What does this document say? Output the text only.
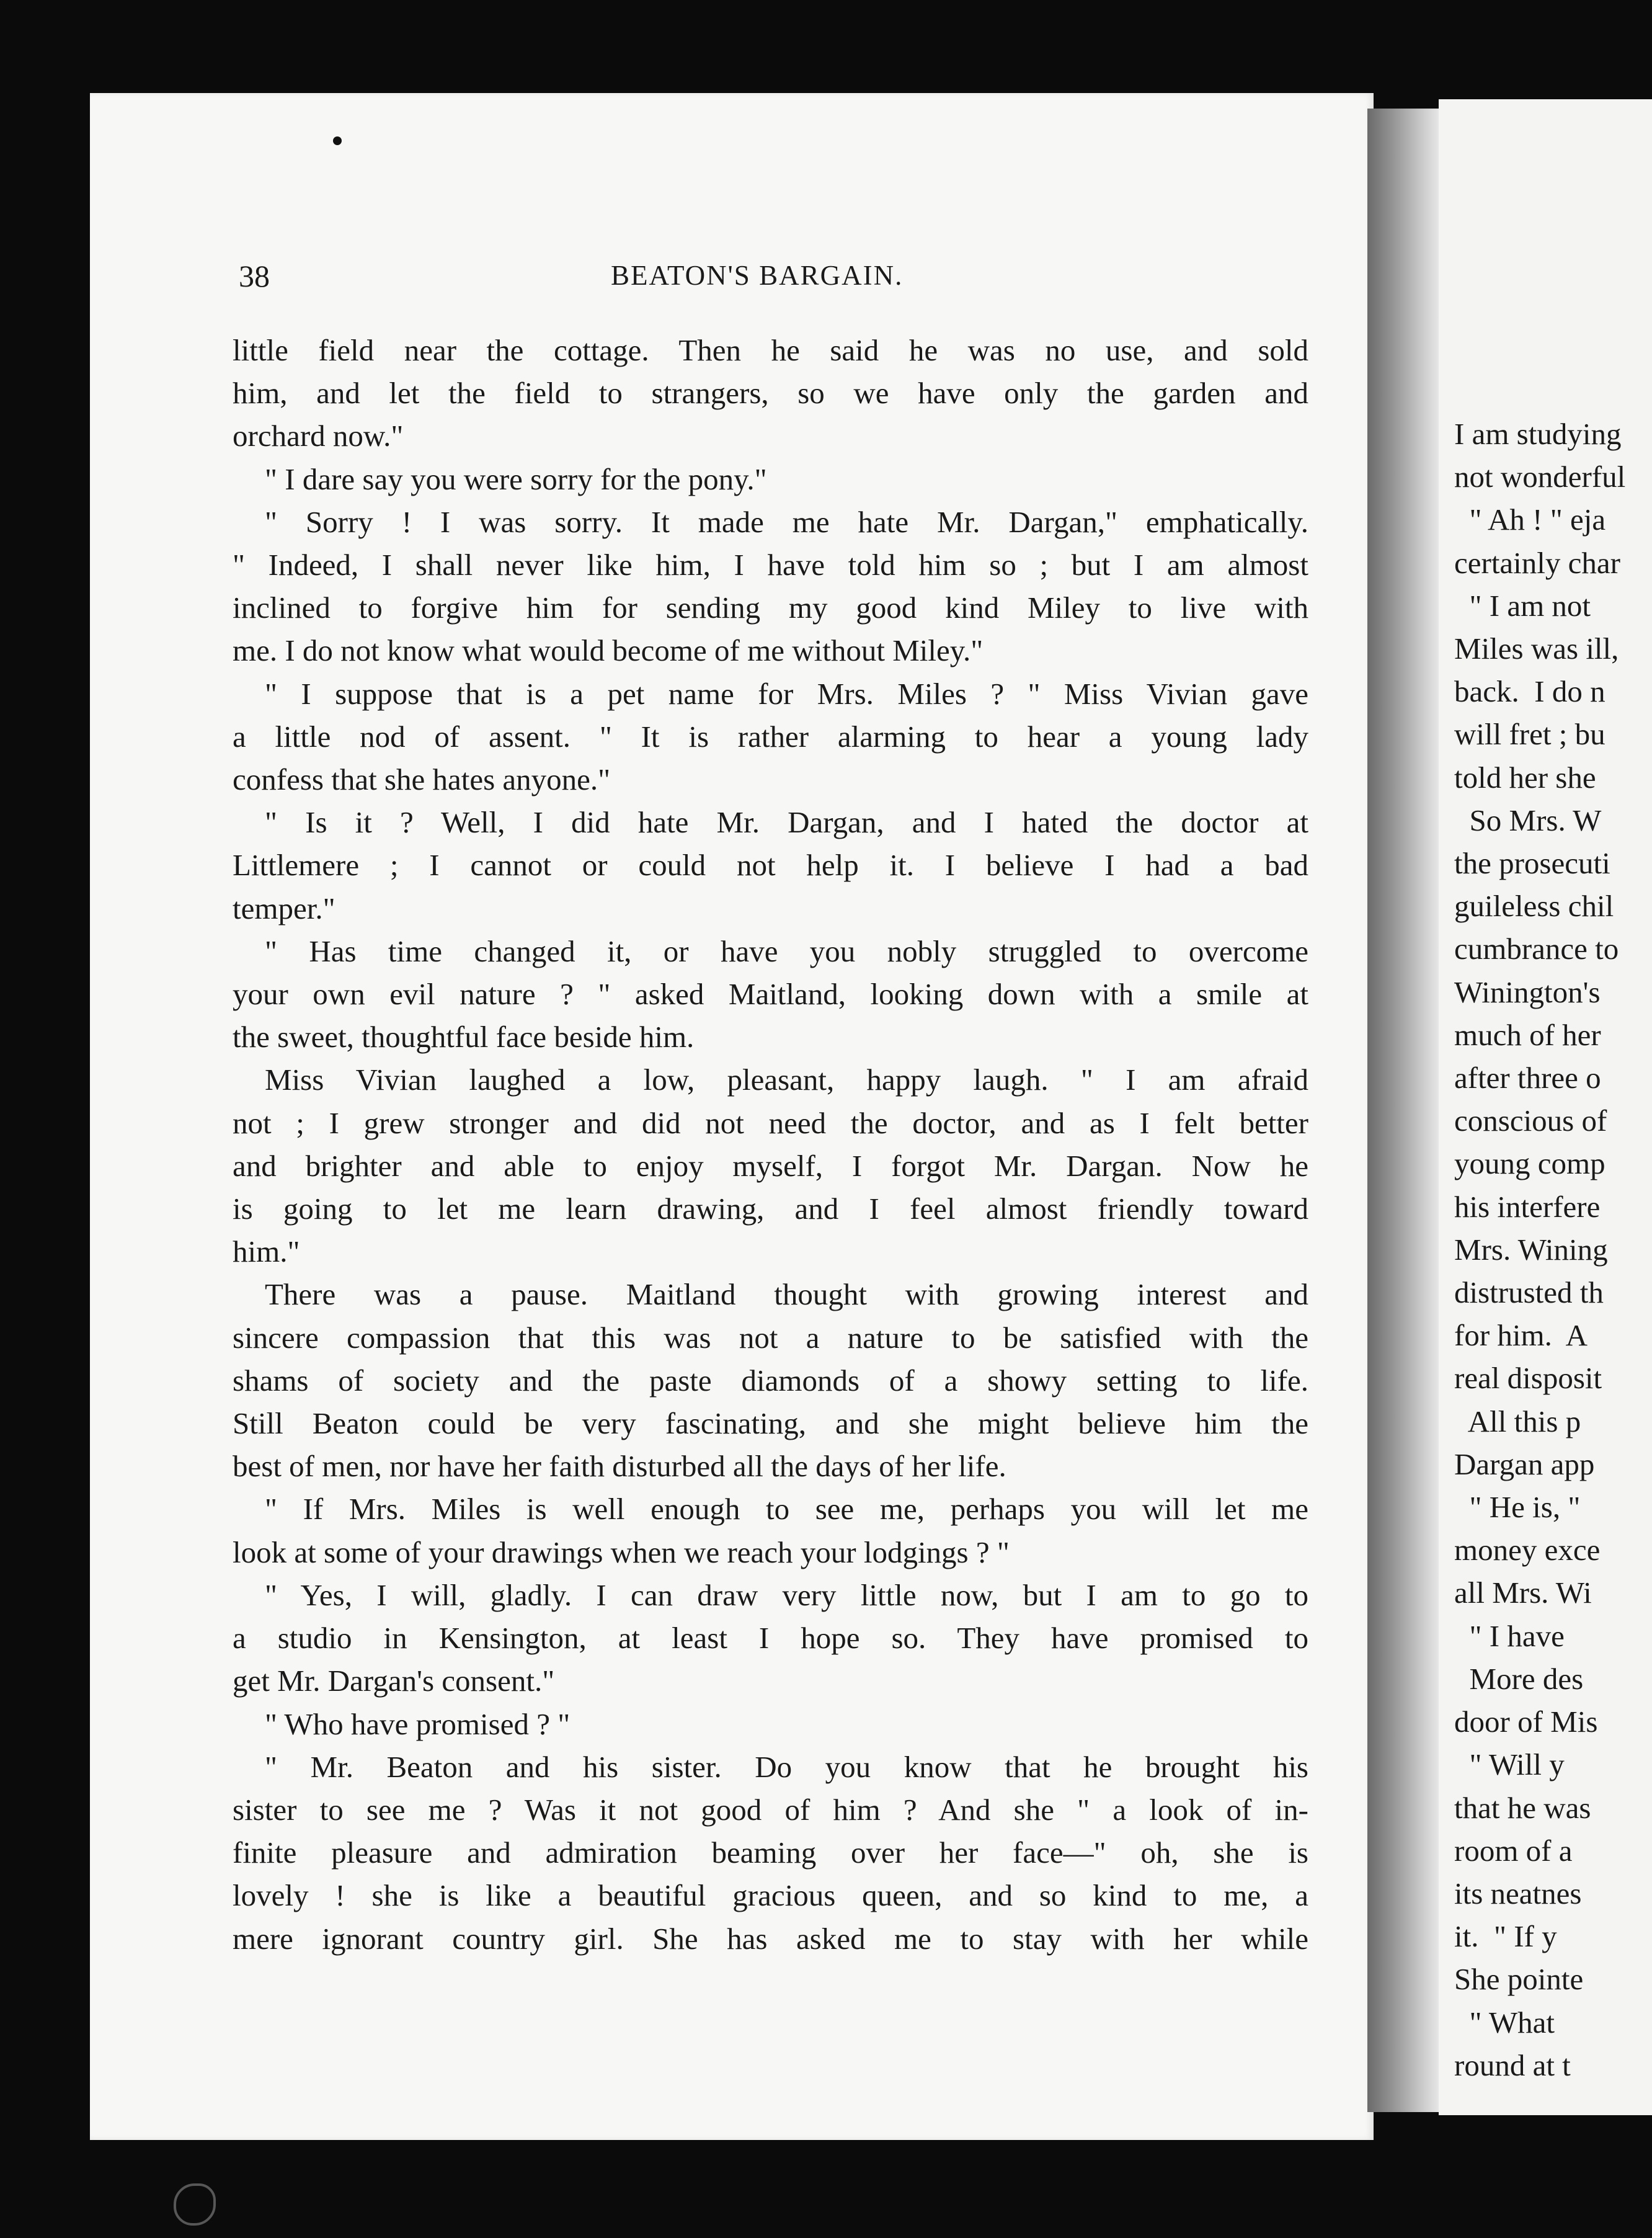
I am studying
not wonderful
" Ah ! " eja
certainly char
" I am not
Miles was ill,
back.  I do n
will fret ; bu
told her she
So Mrs. W
the prosecuti
guileless chil
cumbrance to
Winington's
much of her
after three o
conscious of
young comp
his interfere
Mrs. Wining
distrusted th
for him.  A
real disposit
All this p
Dargan app
" He is, "
money exce
all Mrs. Wi
" I have
More des
door of Mis
" Will y
that he was
room of a
its neatnes
it.  " If y
She pointe
" What
round at t
38	BEATON'S BARGAIN.
little field near the cottage. Then he said he was no use, and sold
him, and let the field to strangers, so we have only the garden and
orchard now."
" I dare say you were sorry for the pony."
" Sorry ! I was sorry. It made me hate Mr. Dargan," emphatically.
" Indeed, I shall never like him, I have told him so ; but I am almost
inclined to forgive him for sending my good kind Miley to live with
me. I do not know what would become of me without Miley."
" I suppose that is a pet name for Mrs. Miles ? " Miss Vivian gave
a little nod of assent. " It is rather alarming to hear a young lady
confess that she hates anyone."
" Is it ? Well, I did hate Mr. Dargan, and I hated the doctor at
Littlemere ; I cannot or could not help it. I believe I had a bad
temper."
" Has time changed it, or have you nobly struggled to overcome
your own evil nature ? " asked Maitland, looking down with a smile at
the sweet, thoughtful face beside him.
Miss Vivian laughed a low, pleasant, happy laugh. " I am afraid
not ; I grew stronger and did not need the doctor, and as I felt better
and brighter and able to enjoy myself, I forgot Mr. Dargan. Now he
is going to let me learn drawing, and I feel almost friendly toward
him."
There was a pause. Maitland thought with growing interest and
sincere compassion that this was not a nature to be satisfied with the
shams of society and the paste diamonds of a showy setting to life.
Still Beaton could be very fascinating, and she might believe him the
best of men, nor have her faith disturbed all the days of her life.
" If Mrs. Miles is well enough to see me, perhaps you will let me
look at some of your drawings when we reach your lodgings ? "
" Yes, I will, gladly. I can draw very little now, but I am to go to
a studio in Kensington, at least I hope so. They have promised to
get Mr. Dargan's consent."
" Who have promised ? "
" Mr. Beaton and his sister. Do you know that he brought his
sister to see me ? Was it not good of him ? And she " a look of in-
finite pleasure and admiration beaming over her face—" oh, she is
lovely ! she is like a beautiful gracious queen, and so kind to me, a
mere ignorant country girl. She has asked me to stay with her while
